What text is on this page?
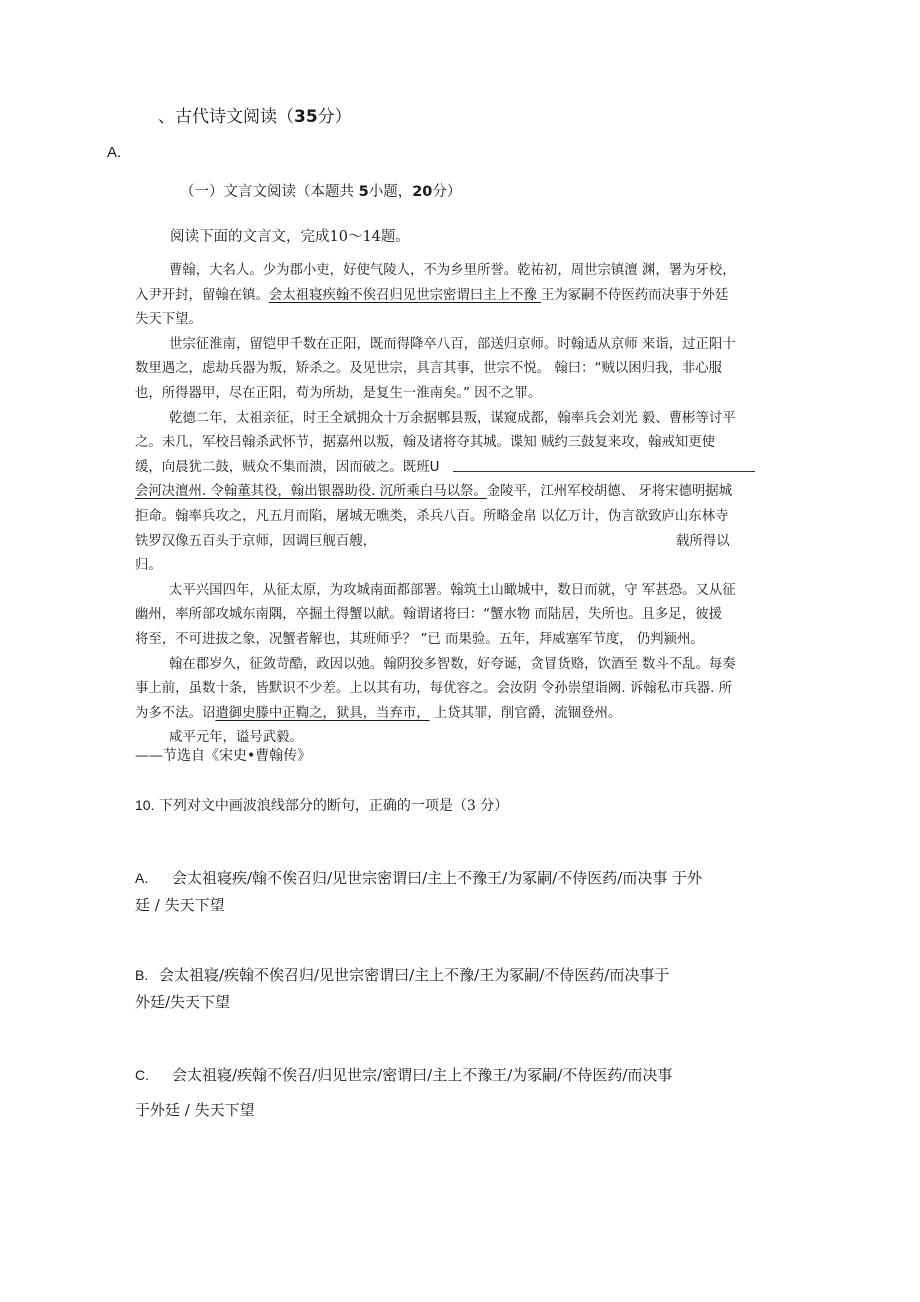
、古代诗文阅读（35分）
A.
（一）文言文阅读（本题共 5小题，20分）
阅读下面的文言文，完成10〜14题。
曹翰，大名人。少为郡小吏，好使气陵人，不为乡里所誉。乾祐初，周世宗镇澶 渊，署为牙校，
入尹开封，留翰在镇。会太祖寝疾翰不俟召归见世宗密谓曰主上不豫 王为冢嗣不侍医药而决事于外廷
失天下望。
世宗征淮南，留铠甲千数在正阳，既而得降卒八百，部送归京师。时翰适从京师 来诣，过正阳十
数里遇之，虑劫兵器为叛，矫杀之。及见世宗，具言其事，世宗不悦。 翰曰：“贼以困归我，非心服
也，所得器甲，尽在正阳，苟为所劫，是复生一淮南矣。” 因不之罪。
乾德二年，太祖亲征，时王全斌拥众十万余据郫县叛，谋窥成都，翰率兵会刘光 毅、曹彬等讨平
之。未几，军校吕翰杀武怀节，据嘉州以叛，翰及诸将夺其城。谍知 贼约三鼓复来攻，翰戒知更使
缓，向晨犹二鼓，贼众不集而溃，因而破之。既班U
会河决澶州. 令翰董其役，翰出银器助役. 沉所乘白马以祭。金陵平，江州军校胡德、 牙将宋德明据城
拒命。翰率兵攻之，凡五月而陷，屠城无噍类，杀兵八百。所略金帛 以亿万计，伪言欲致庐山东林寺
铁罗汉像五百头于京师，因调巨舰百艘，	载所得以
归。
太平兴国四年，从征太原，为攻城南面都部署。翰筑土山瞰城中，数日而就，守 军甚恐。又从征
幽州，率所部攻城东南隅，卒掘土得蟹以献。翰谓诸将曰：“蟹水物 而陆居，失所也。且多足，彼援
将至，不可进拔之象，况蟹者解也，其班师乎？ ”已 而果验。五年，拜威塞军节度， 仍判颍州。
翰在郡岁久，征敛苛酷，政因以弛。翰阴狡多智数，好夸诞，贪冒货赂，饮酒至 数斗不乱。每奏
事上前，虽数十条，皆默识不少差。上以其有功，每优容之。会汝阴 令孙崇望诣阙. 诉翰私市兵器. 所
为多不法。诏遣御史滕中正鞫之，狱具，当弃市， 上贷其罪，削官爵，流锢登州。
咸平元年，谥号武毅。
——节选自《宋史•曹翰传》
10. 下列对文中画波浪线部分的断句，正确的一项是（3 分）
A. 会太祖寝疾/翰不俟召归/见世宗密谓曰/主上不豫王/为冢嗣/不侍医药/而决事 于外
廷 / 失天下望
B. 会太祖寝/疾翰不俟召归/见世宗密谓曰/主上不豫/王为冢嗣/不侍医药/而决事于
外廷/失天下望
C. 会太祖寝/疾翰不俟召/归见世宗/密谓曰/主上不豫王/为冢嗣/不侍医药/而决事
于外廷 / 失天下望
